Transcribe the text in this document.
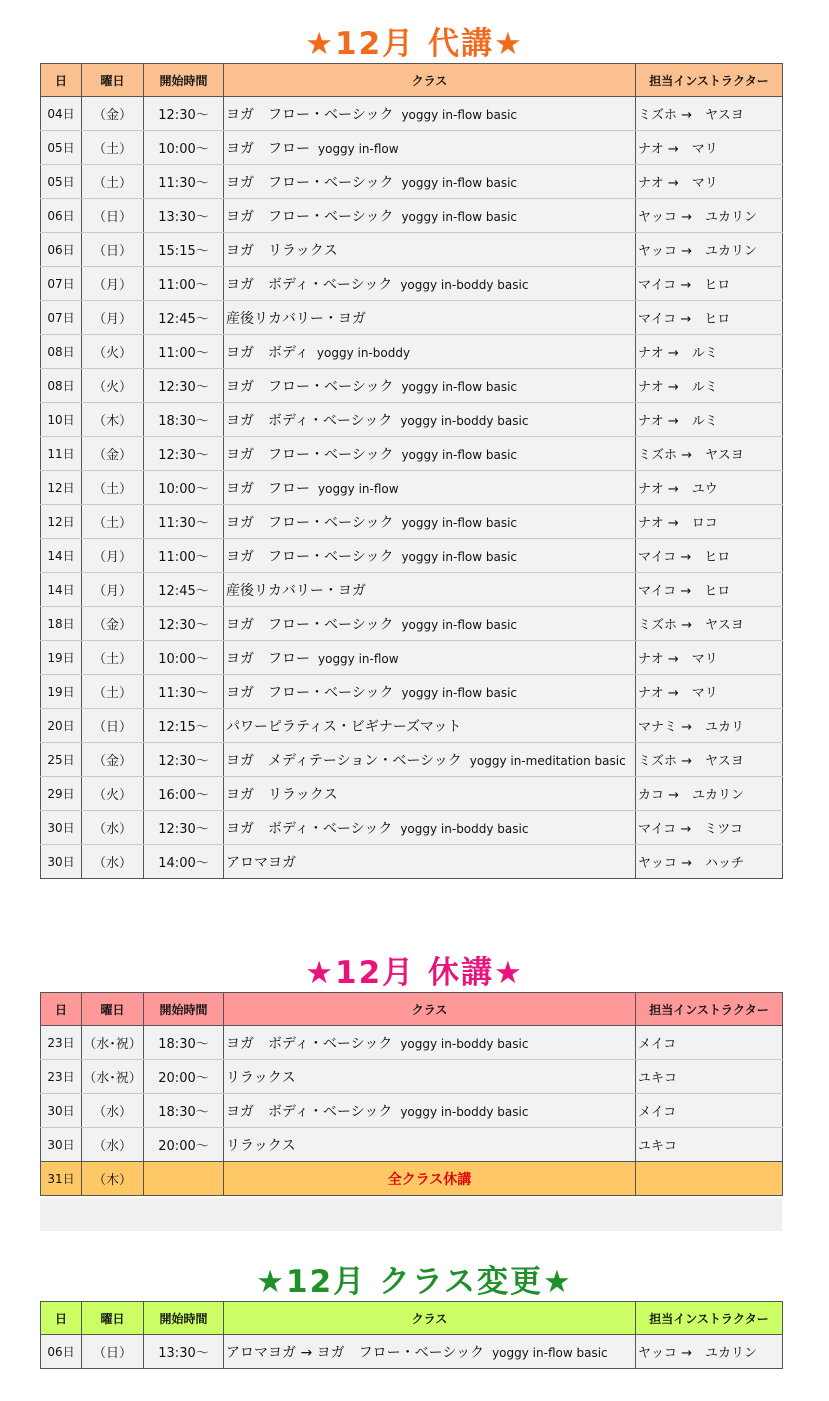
★12月 代講★
日	曜日	開始時間	クラス	担当インストラクター
04日	（金）	12:30〜	ヨガ　フロー・ベーシック yoggy in-flow basic	ミズホ →　ヤスヨ
05日	（土）	10:00〜	ヨガ　フロー yoggy in-flow	ナオ →　マリ
05日	（土）	11:30〜	ヨガ　フロー・ベーシック yoggy in-flow basic	ナオ →　マリ
06日	（日）	13:30〜	ヨガ　フロー・ベーシック yoggy in-flow basic	ヤッコ →　ユカリン
06日	（日）	15:15〜	ヨガ　リラックス	ヤッコ →　ユカリン
07日	（月）	11:00〜	ヨガ　ボディ・ベーシック yoggy in-boddy basic	マイコ →　ヒロ
07日	（月）	12:45〜	産後リカバリー・ヨガ	マイコ →　ヒロ
08日	（火）	11:00〜	ヨガ　ボディ yoggy in-boddy	ナオ →　ルミ
08日	（火）	12:30〜	ヨガ　フロー・ベーシック yoggy in-flow basic	ナオ →　ルミ
10日	（木）	18:30〜	ヨガ　ボディ・ベーシック yoggy in-boddy basic	ナオ →　ルミ
11日	（金）	12:30〜	ヨガ　フロー・ベーシック yoggy in-flow basic	ミズホ →　ヤスヨ
12日	（土）	10:00〜	ヨガ　フロー yoggy in-flow	ナオ →　ユウ
12日	（土）	11:30〜	ヨガ　フロー・ベーシック yoggy in-flow basic	ナオ →　ロコ
14日	（月）	11:00〜	ヨガ　フロー・ベーシック yoggy in-flow basic	マイコ →　ヒロ
14日	（月）	12:45〜	産後リカバリー・ヨガ	マイコ →　ヒロ
18日	（金）	12:30〜	ヨガ　フロー・ベーシック yoggy in-flow basic	ミズホ →　ヤスヨ
19日	（土）	10:00〜	ヨガ　フロー yoggy in-flow	ナオ →　マリ
19日	（土）	11:30〜	ヨガ　フロー・ベーシック yoggy in-flow basic	ナオ →　マリ
20日	（日）	12:15〜	パワーピラティス・ビギナーズマット	マナミ →　ユカリ
25日	（金）	12:30〜	ヨガ　メディテーション・ベーシック yoggy in-meditation basic	ミズホ →　ヤスヨ
29日	（火）	16:00〜	ヨガ　リラックス	カコ →　ユカリン
30日	（水）	12:30〜	ヨガ　ボディ・ベーシック yoggy in-boddy basic	マイコ →　ミツコ
30日	（水）	14:00〜	アロマヨガ	ヤッコ →　ハッチ
★12月 休講★
日	曜日	開始時間	クラス	担当インストラクター
23日	（水･祝）	18:30〜	ヨガ　ボディ・ベーシック yoggy in-boddy basic	メイコ
23日	（水･祝）	20:00〜	リラックス	ユキコ
30日	（水）	18:30〜	ヨガ　ボディ・ベーシック yoggy in-boddy basic	メイコ
30日	（水）	20:00〜	リラックス	ユキコ
31日	（木）		全クラス休講	
★12月 クラス変更★
日	曜日	開始時間	クラス	担当インストラクター
06日	（日）	13:30〜	アロマヨガ → ヨガ　フロー・ベーシック yoggy in-flow basic	ヤッコ →　ユカリン
